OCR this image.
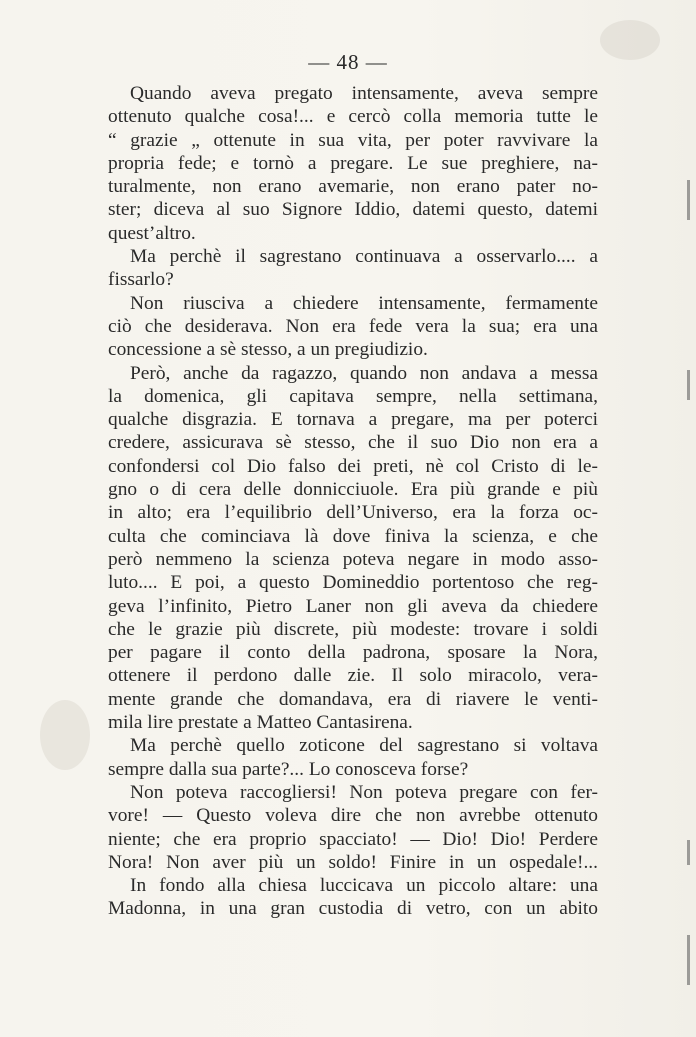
— 48 —
Quando aveva pregato intensamente, aveva sempre
ottenuto qualche cosa!... e cercò colla memoria tutte le
“ grazie „ ottenute in sua vita, per poter ravvivare la
propria fede; e tornò a pregare. Le sue preghiere, na-
turalmente, non erano avemarie, non erano pater no-
ster; diceva al suo Signore Iddio, datemi questo, datemi
quest’altro.
Ma perchè il sagrestano continuava a osservarlo.... a
fissarlo?
Non riusciva a chiedere intensamente, fermamente
ciò che desiderava. Non era fede vera la sua; era una
concessione a sè stesso, a un pregiudizio.
Però, anche da ragazzo, quando non andava a messa
la domenica, gli capitava sempre, nella settimana,
qualche disgrazia. E tornava a pregare, ma per poterci
credere, assicurava sè stesso, che il suo Dio non era a
confondersi col Dio falso dei preti, nè col Cristo di le-
gno o di cera delle donnicciuole. Era più grande e più
in alto; era l’equilibrio dell’Universo, era la forza oc-
culta che cominciava là dove finiva la scienza, e che
però nemmeno la scienza poteva negare in modo asso-
luto.... E poi, a questo Domineddio portentoso che reg-
geva l’infinito, Pietro Laner non gli aveva da chiedere
che le grazie più discrete, più modeste: trovare i soldi
per pagare il conto della padrona, sposare la Nora,
ottenere il perdono dalle zie. Il solo miracolo, vera-
mente grande che domandava, era di riavere le venti-
mila lire prestate a Matteo Cantasirena.
Ma perchè quello zoticone del sagrestano si voltava
sempre dalla sua parte?... Lo conosceva forse?
Non poteva raccogliersi! Non poteva pregare con fer-
vore! — Questo voleva dire che non avrebbe ottenuto
niente; che era proprio spacciato! — Dio! Dio! Perdere
Nora! Non aver più un soldo! Finire in un ospedale!...
In fondo alla chiesa luccicava un piccolo altare: una
Madonna, in una gran custodia di vetro, con un abito
